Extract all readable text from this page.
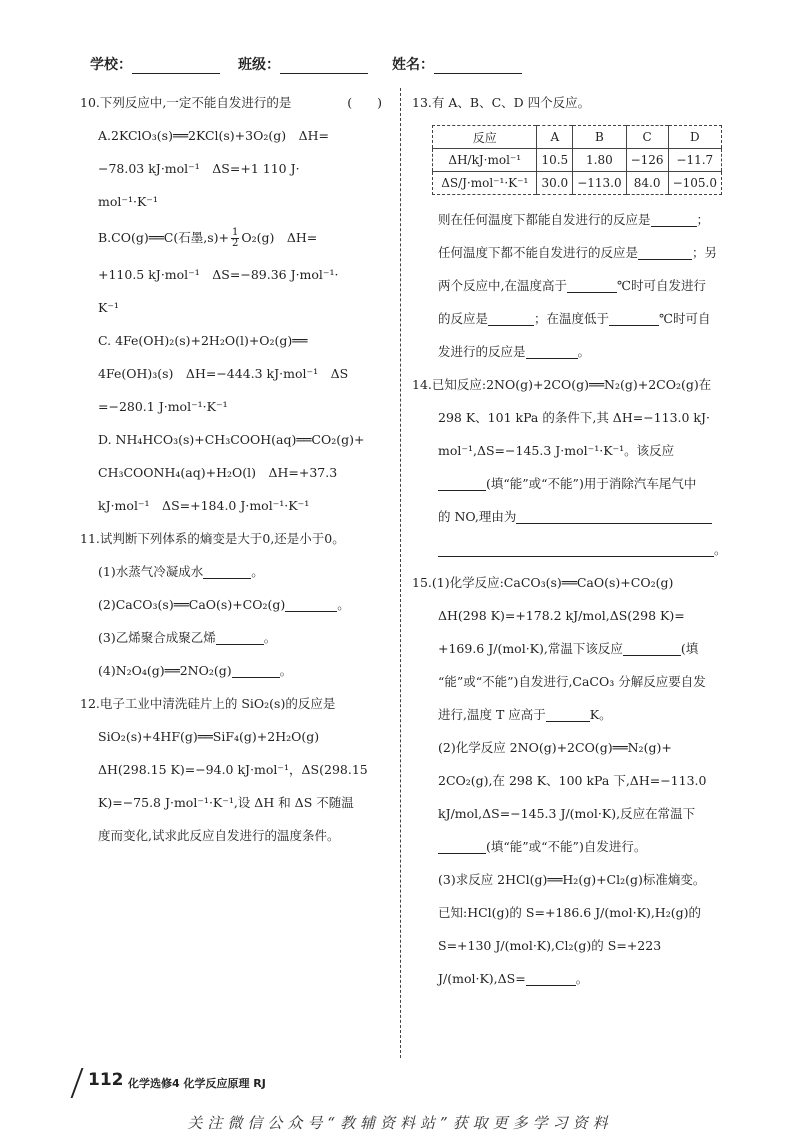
学校：	班级：	姓名：
10.下列反应中,一定不能自发进行的是	(　　)
A.2KClO₃(s)══2KCl(s)+3O₂(g)　ΔH=
−78.03 kJ·mol⁻¹　ΔS=+1 110 J·
mol⁻¹·K⁻¹
B.CO(g)══C(石墨$,s)+ \frac{1}{2} O_2(g)$　ΔH=
+110.5 kJ·mol⁻¹　ΔS=−89.36 J·mol⁻¹·
K⁻¹
C. 4Fe(OH)₂(s)+2H₂O(l)+O₂(g)══
4Fe(OH)₃(s)　ΔH=−444.3 kJ·mol⁻¹　ΔS
=−280.1 J·mol⁻¹·K⁻¹
D. NH₄HCO₃(s)+CH₃COOH(aq)══CO₂(g)+
CH₃COONH₄(aq)+H₂O(l)　ΔH=+37.3
kJ·mol⁻¹　ΔS=+184.0 J·mol⁻¹·K⁻¹
11.试判断下列体系的熵变是大于0,还是小于0。
(1)水蒸气冷凝成水	。
(2)CaCO₃(s)══CaO(s)+CO₂(g)	。
(3)乙烯聚合成聚乙烯	。
(4)N₂O₄(g)══2NO₂(g)	。
12.电子工业中清洗硅片上的 SiO₂(s)的反应是
SiO₂(s)+4HF(g)══SiF₄(g)+2H₂O(g)
ΔH(298.15 K)=−94.0 kJ·mol⁻¹，ΔS(298.15
K)=−75.8 J·mol⁻¹·K⁻¹,设 ΔH 和 ΔS 不随温
度而变化,试求此反应自发进行的温度条件。
13.有 A、B、C、D 四个反应。
反应	A	B	C	D
ΔH/kJ·mol⁻¹	10.5	1.80	−126	−11.7
ΔS/J·mol⁻¹·K⁻¹	30.0	−113.0	84.0	−105.0
则在任何温度下都能自发进行的反应是	；
任何温度下都不能自发进行的反应是	；另
两个反应中,在温度高于	℃时可自发进行
的反应是	；在温度低于	℃时可自
发进行的反应是	。
14.已知反应:2NO(g)+2CO(g)══N₂(g)+2CO₂(g)在
298 K、101 kPa 的条件下,其 ΔH=−113.0 kJ·
mol⁻¹,ΔS=−145.3 J·mol⁻¹·K⁻¹。该反应
(填“能”或“不能”)用于消除汽车尾气中
的 NO,理由为
。
15.(1)化学反应:CaCO₃(s)══CaO(s)+CO₂(g)
ΔH(298 K)=+178.2 kJ/mol,ΔS(298 K)=
+169.6 J/(mol·K),常温下该反应	(填
“能”或“不能”)自发进行,CaCO₃ 分解反应要自发
进行,温度 T 应高于	K。
(2)化学反应 2NO(g)+2CO(g)══N₂(g)+
2CO₂(g),在 298 K、100 kPa 下,ΔH=−113.0
kJ/mol,ΔS=−145.3 J/(mol·K),反应在常温下
(填“能”或“不能”)自发进行。
(3)求反应 2HCl(g)══H₂(g)+Cl₂(g)标准熵变。
已知:HCl(g)的 S=+186.6 J/(mol·K),H₂(g)的
S=+130 J/(mol·K),Cl₂(g)的 S=+223
J/(mol·K),ΔS=	。
112 化学选修4 化学反应原理 RJ
关注微信公众号“教辅资料站”获取更多学习资料
